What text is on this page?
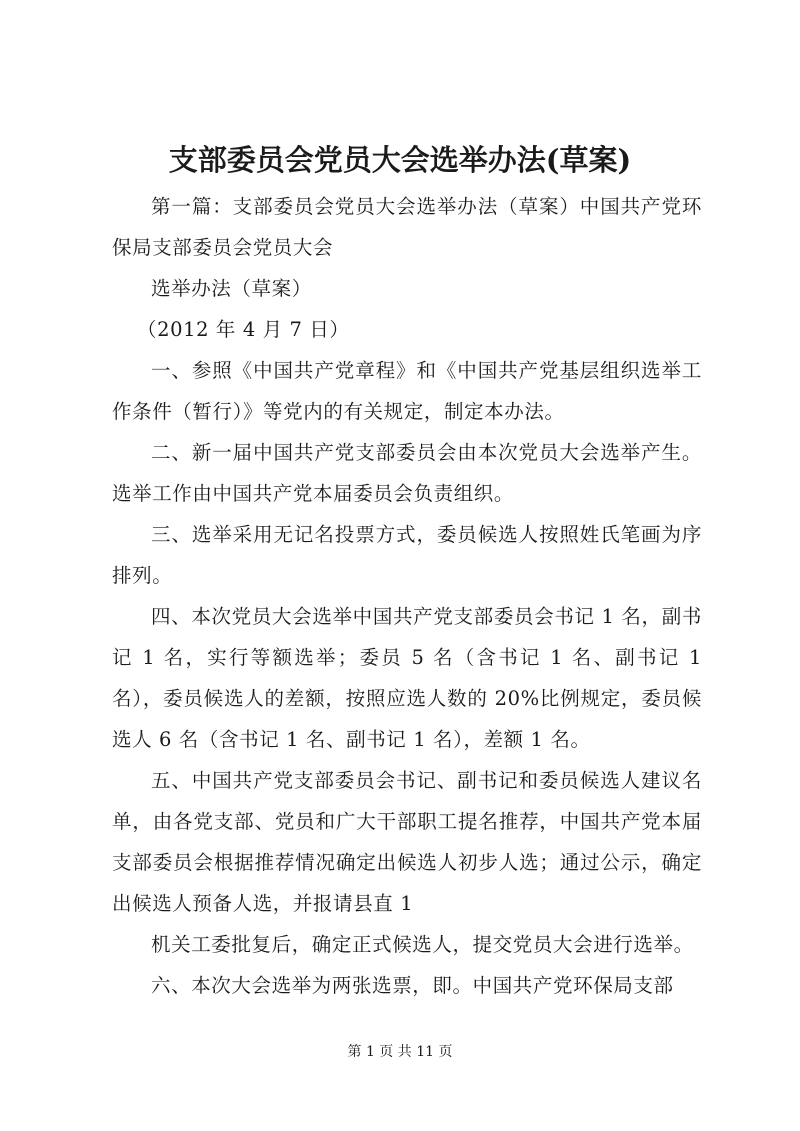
支部委员会党员大会选举办法(草案)

第一篇：支部委员会党员大会选举办法（草案）中国共产党环保局支部委员会党员大会

选举办法（草案）

（2012 年 4 月 7 日）

一、参照《中国共产党章程》和《中国共产党基层组织选举工作条件（暂行）》等党内的有关规定，制定本办法。

二、新一届中国共产党支部委员会由本次党员大会选举产生。选举工作由中国共产党本届委员会负责组织。

三、选举采用无记名投票方式，委员候选人按照姓氏笔画为序排列。

四、本次党员大会选举中国共产党支部委员会书记 1 名，副书记 1 名，实行等额选举；委员 5 名（含书记 1 名、副书记 1 名），委员候选人的差额，按照应选人数的 20%比例规定，委员候选人 6 名（含书记 1 名、副书记 1 名），差额 1 名。

五、中国共产党支部委员会书记、副书记和委员候选人建议名单，由各党支部、党员和广大干部职工提名推荐，中国共产党本届支部委员会根据推荐情况确定出候选人初步人选；通过公示，确定出候选人预备人选，并报请县直 1

机关工委批复后，确定正式候选人，提交党员大会进行选举。

六、本次大会选举为两张选票，即。中国共产党环保局支部

第 1 页 共 11 页
